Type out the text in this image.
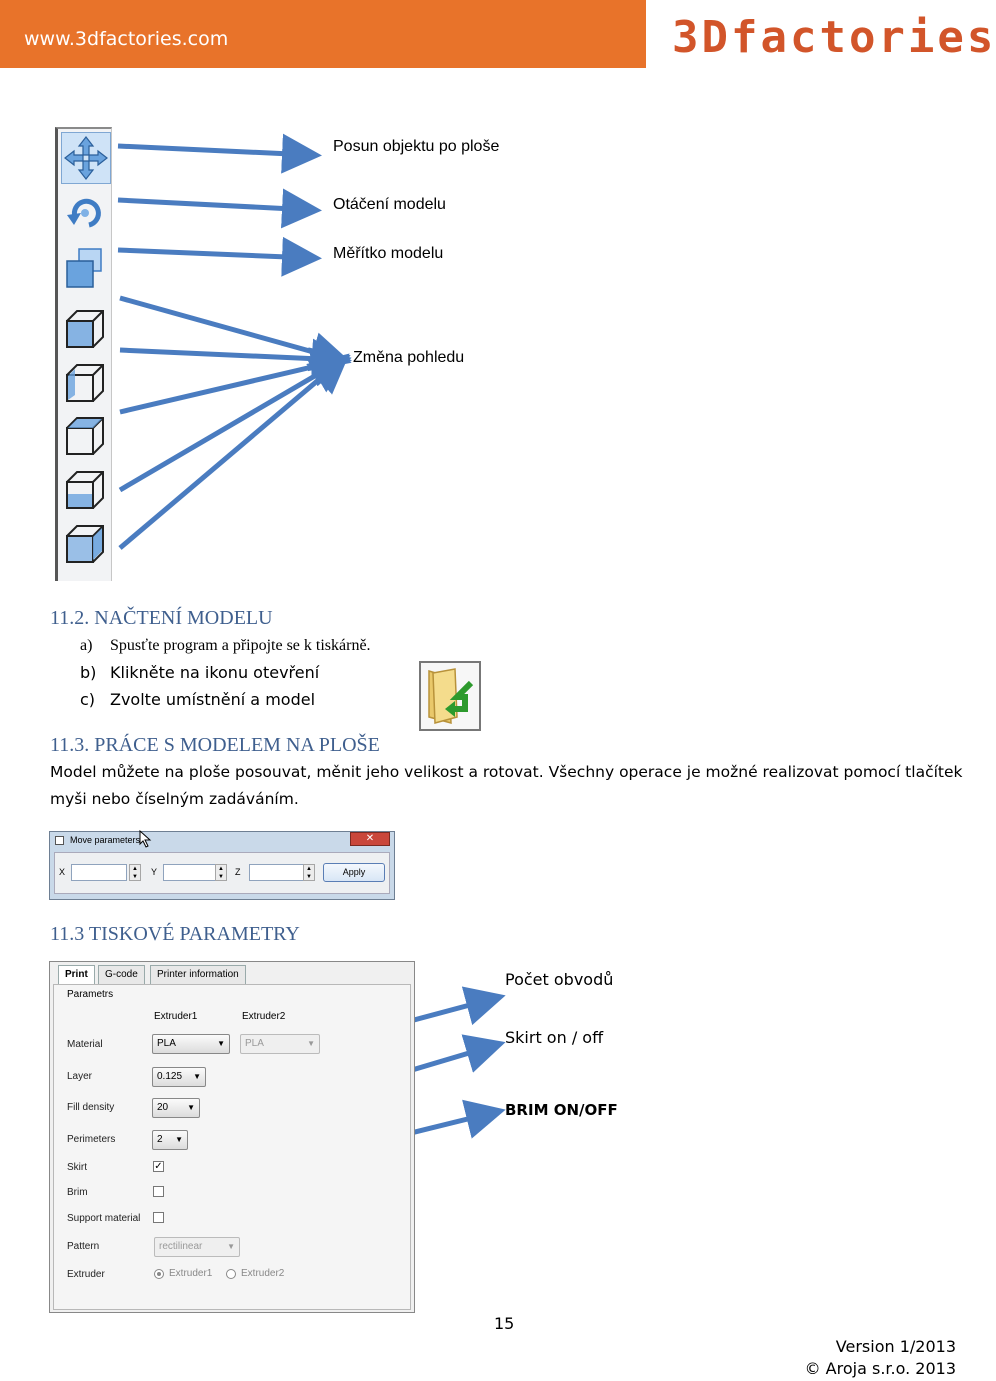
www.3dfactories.com	3Dfactories
Posun objektu po ploše
Otáčení modelu
Měřítko modelu
Změna pohledu
11.2. NAČTENÍ MODELU
a) Spusťte program a připojte se k tiskárně.
b) Klikněte na ikonu otevření
c) Zvolte umístnění a model
11.3. PRÁCE S MODELEM NA PLOŠE
Model můžete na ploše posouvat, měnit jeho velikost a rotovat. Všechny operace je možné realizovat pomocí tlačítek
myši nebo číselným zadáváním.
Move parameters	✕
X	▲
▼	Y	▲
▼	Z	▲
▼	Apply
11.3 TISKOVÉ PARAMETRY
Print	G-code	Printer information
Parametrs
Extruder1	Extruder2
Material	PLA	▼	PLA	▼
Layer	0.125 ▼
Fill density	20 ▼
Perimeters	2 ▼
Skirt	✓
Brim
Support material
Pattern	rectilinear	▼
Extruder	Extruder1	Extruder2
Počet obvodů
Skirt on / off
BRIM ON/OFF
15
Version 1/2013
© Aroja s.r.o. 2013
